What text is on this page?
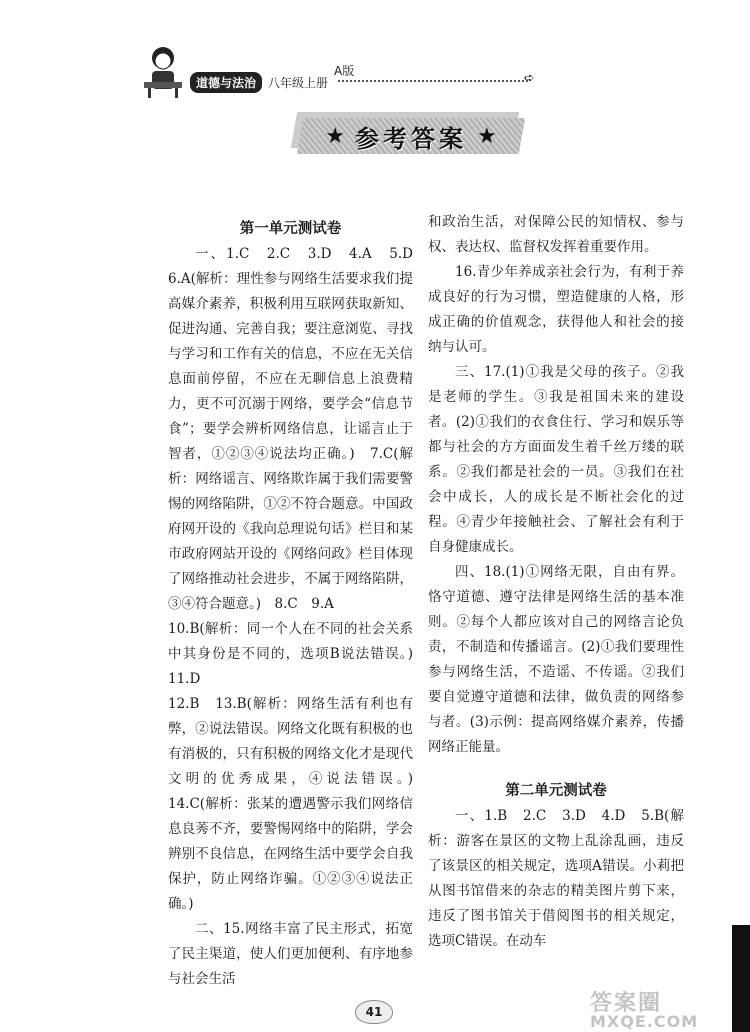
道德与法治 八年级 上册
A版	➪
★ 参考答案 ★
第一单元测试卷

一、1.C　2.C　3.D　4.A　5.D　6.A(解析：理性参与网络生活要求我们提高媒介素养，积极利用互联网获取新知、促进沟通、完善自我；要注意浏览、寻找与学习和工作有关的信息，不应在无关信息面前停留，不应在无聊信息上浪费精力，更不可沉溺于网络，要学会“信息节食”；要学会辨析网络信息，让谣言止于智者，①②③④说法均正确。)　7.C(解析：网络谣言、网络欺诈属于我们需要警惕的网络陷阱，①②不符合题意。中国政府网开设的《我向总理说句话》栏目和某市政府网站开设的《网络问政》栏目体现了网络推动社会进步，不属于网络陷阱，③④符合题意。)　8.C　9.A

10.B(解析：同一个人在不同的社会关系中其身份是不同的，选项B说法错误。)　11.D

12.B　13.B(解析：网络生活有利也有弊，②说法错误。网络文化既有积极的也有消极的，只有积极的网络文化才是现代文明的优秀成果，④说法错误。)　14.C(解析：张某的遭遇警示我们网络信息良莠不齐，要警惕网络中的陷阱，学会辨别不良信息，在网络生活中要学会自我保护，防止网络诈骗。①②③④说法正确。)

二、15.网络丰富了民主形式，拓宽了民主渠道，使人们更加便利、有序地参与社会生活

和政治生活，对保障公民的知情权、参与权、表达权、监督权发挥着重要作用。

16.青少年养成亲社会行为，有利于养成良好的行为习惯，塑造健康的人格，形成正确的价值观念，获得他人和社会的接纳与认可。

三、17.(1)①我是父母的孩子。②我是老师的学生。③我是祖国未来的建设者。(2)①我们的衣食住行、学习和娱乐等都与社会的方方面面发生着千丝万缕的联系。②我们都是社会的一员。③我们在社会中成长，人的成长是不断社会化的过程。④青少年接触社会、了解社会有利于自身健康成长。

四、18.(1)①网络无限，自由有界。恪守道德、遵守法律是网络生活的基本准则。②每个人都应该对自己的网络言论负责，不制造和传播谣言。(2)①我们要理性参与网络生活，不造谣、不传谣。②我们要自觉遵守道德和法律，做负责的网络参与者。(3)示例：提高网络媒介素养，传播网络正能量。

第二单元测试卷

一、1.B　2.C　3.D　4.D　5.B(解析：游客在景区的文物上乱涂乱画，违反了该景区的相关规定，选项A错误。小莉把从图书馆借来的杂志的精美图片剪下来，违反了图书馆关于借阅图书的相关规定，选项C错误。在动车

41	答案圈
MXQE.COM
